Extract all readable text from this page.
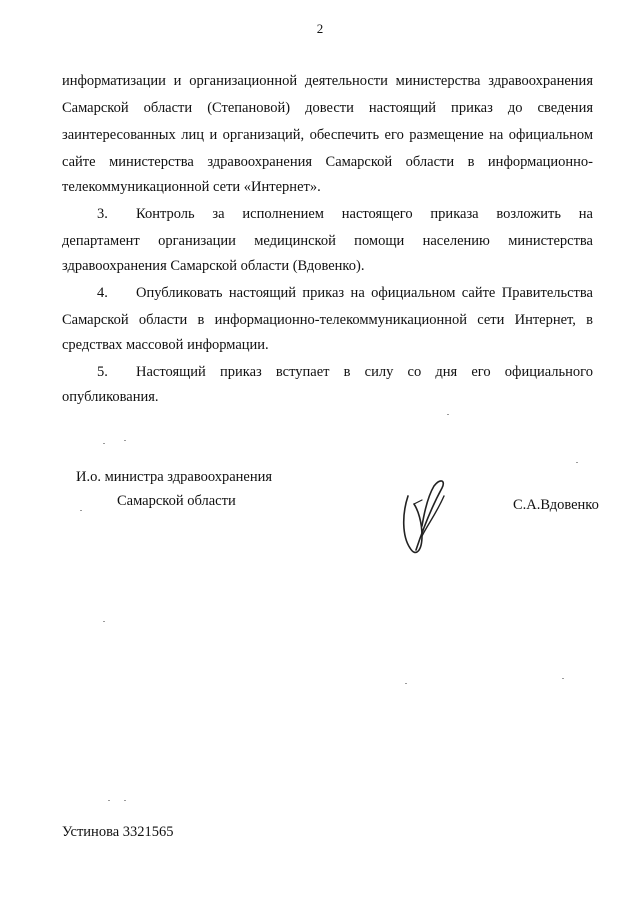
2
информатизации и организационной деятельности министерства здравоохранения
Самарской области (Степановой) довести настоящий приказ до сведения
заинтересованных лиц и организаций, обеспечить его размещение на официальном
сайте министерства здравоохранения Самарской области в информационно-
телекоммуникационной сети «Интернет».
3. Контроль за исполнением настоящего приказа возложить на
департамент организации медицинской помощи населению министерства
здравоохранения Самарской области (Вдовенко).
4. Опубликовать настоящий приказ на официальном сайте Правительства
Самарской области в информационно-телекоммуникационной сети Интернет, в
средствах массовой информации.
5. Настоящий приказ вступает в силу со дня его официального
опубликования.
И.о. министра здравоохранения
Самарской области	С.А.Вдовенко
Устинова 3321565
